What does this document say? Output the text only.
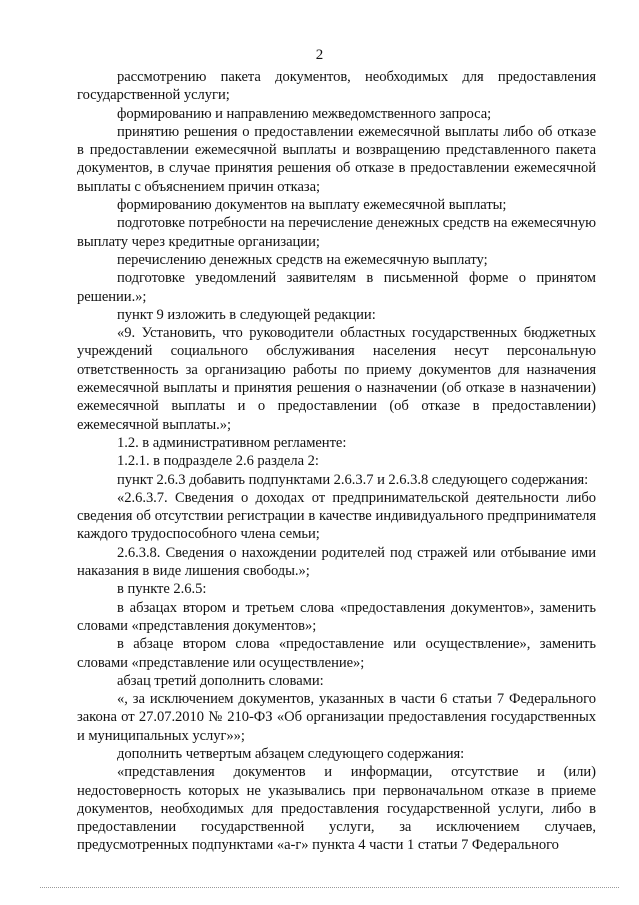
2

рассмотрению пакета документов, необходимых для предоставления государственной услуги;

формированию и направлению межведомственного запроса;

принятию решения о предоставлении ежемесячной выплаты либо об отказе в предоставлении ежемесячной выплаты и возвращению представленного пакета документов, в случае принятия решения об отказе в предоставлении ежемесячной выплаты с объяснением причин отказа;

формированию документов на выплату ежемесячной выплаты;

подготовке потребности на перечисление денежных средств на ежемесячную выплату через кредитные организации;

перечислению денежных средств на ежемесячную выплату;

подготовке уведомлений заявителям в письменной форме о принятом решении.»;

пункт 9 изложить в следующей редакции:

«9. Установить, что руководители областных государственных бюджетных учреждений социального обслуживания населения несут персональную ответственность за организацию работы по приему документов для назначения ежемесячной выплаты и принятия решения о назначении (об отказе в назначении) ежемесячной выплаты и о предоставлении (об отказе в предоставлении) ежемесячной выплаты.»;

1.2. в административном регламенте:

1.2.1. в подразделе 2.6 раздела 2:

пункт 2.6.3 добавить подпунктами 2.6.3.7 и 2.6.3.8 следующего содержания:

«2.6.3.7. Сведения о доходах от предпринимательской деятельности либо сведения об отсутствии регистрации в качестве индивидуального предпринимателя каждого трудоспособного члена семьи;

2.6.3.8. Сведения о нахождении родителей под стражей или отбывание ими наказания в виде лишения свободы.»;

в пункте 2.6.5:

в абзацах втором и третьем слова «предоставления документов», заменить словами «представления документов»;

в абзаце втором слова «предоставление или осуществление», заменить словами «представление или осуществление»;

абзац третий дополнить словами:

«, за исключением документов, указанных в части 6 статьи 7 Федерального закона от 27.07.2010 № 210-ФЗ «Об организации предоставления государственных и муниципальных услуг»»;

дополнить четвертым абзацем следующего содержания:

«представления документов и информации, отсутствие и (или) недостоверность которых не указывались при первоначальном отказе в приеме документов, необходимых для предоставления государственной услуги, либо в предоставлении государственной услуги, за исключением случаев, предусмотренных подпунктами «а-г» пункта 4 части 1 статьи 7 Федерального
